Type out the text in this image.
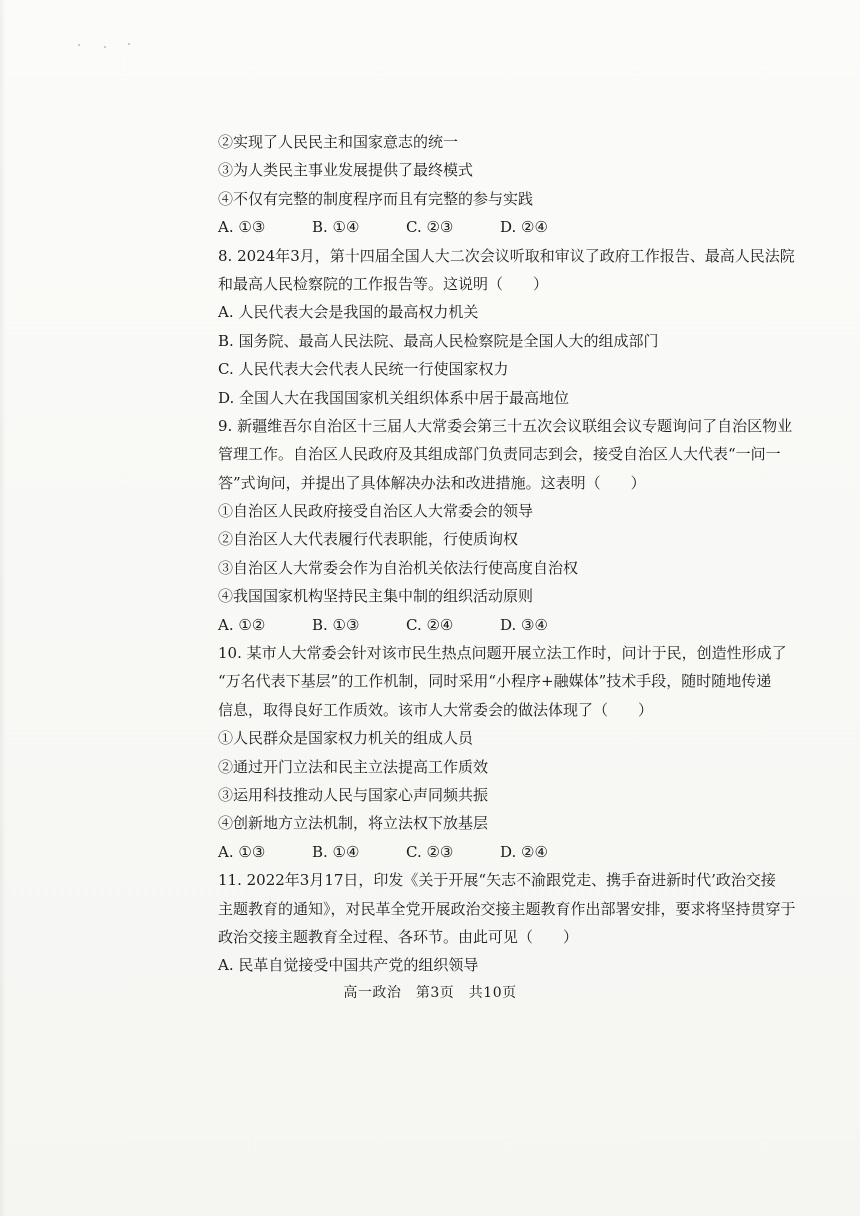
②实现了人民民主和国家意志的统一
③为人类民主事业发展提供了最终模式
④不仅有完整的制度程序而且有完整的参与实践
A. ①③	B. ①④	C. ②③	D. ②④
8. 2024年3月，第十四届全国人大二次会议听取和审议了政府工作报告、最高人民法院
和最高人民检察院的工作报告等。这说明（　　）
A. 人民代表大会是我国的最高权力机关
B. 国务院、最高人民法院、最高人民检察院是全国人大的组成部门
C. 人民代表大会代表人民统一行使国家权力
D. 全国人大在我国国家机关组织体系中居于最高地位
9. 新疆维吾尔自治区十三届人大常委会第三十五次会议联组会议专题询问了自治区物业
管理工作。自治区人民政府及其组成部门负责同志到会，接受自治区人大代表“一问一
答”式询问，并提出了具体解决办法和改进措施。这表明（　　）
①自治区人民政府接受自治区人大常委会的领导
②自治区人大代表履行代表职能，行使质询权
③自治区人大常委会作为自治机关依法行使高度自治权
④我国国家机构坚持民主集中制的组织活动原则
A. ①②	B. ①③	C. ②④	D. ③④
10. 某市人大常委会针对该市民生热点问题开展立法工作时，问计于民，创造性形成了
“万名代表下基层”的工作机制，同时采用“小程序+融媒体”技术手段，随时随地传递
信息，取得良好工作质效。该市人大常委会的做法体现了（　　）
①人民群众是国家权力机关的组成人员
②通过开门立法和民主立法提高工作质效
③运用科技推动人民与国家心声同频共振
④创新地方立法机制，将立法权下放基层
A. ①③	B. ①④	C. ②③	D. ②④
11. 2022年3月17日，印发《关于开展“矢志不渝跟党走、携手奋进新时代’政治交接
主题教育的通知》，对民革全党开展政治交接主题教育作出部署安排，要求将坚持贯穿于
政治交接主题教育全过程、各环节。由此可见（　　）
A. 民革自觉接受中国共产党的组织领导
高一政治　第3页　共10页
